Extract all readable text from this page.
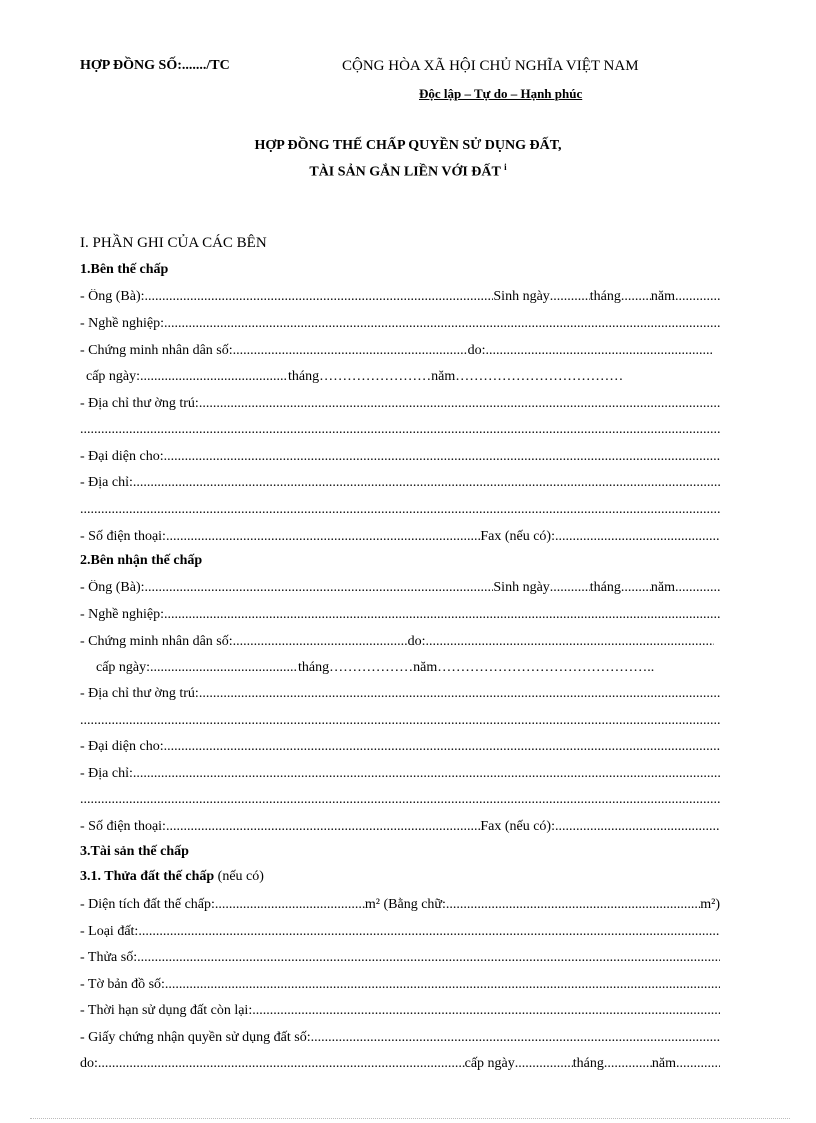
HỢP ĐỒNG SỐ:......./TC	CỘNG HÒA XÃ HỘI CHỦ NGHĨA VIỆT NAM
Độc lập – Tự do – Hạnh phúc
HỢP ĐỒNG THẾ CHẤP QUYỀN SỬ DỤNG ĐẤT,
TÀI SẢN GẮN LIỀN VỚI ĐẤT $^i$
I. PHẦN GHI CỦA CÁC BÊN
1.Bên thế chấp
- Ông (Bà): .....	Sinh ngày .....	tháng ..... năm
.....
- Nghề nghiệp:
.....
- Chứng minh nhân dân số: .....	do:
.....
cấp ngày: .....	tháng…………………… năm………………………………
- Địa chỉ thư ờng trú:
.....
.....
- Đại diện cho:
.....
- Địa chỉ:
.....
.....
- Số điện thoại: .....	Fax (nếu có):
.....
2.Bên nhận thế chấp
- Ông (Bà): .....	Sinh ngày .....	tháng ..... năm
.....
- Nghề nghiệp:
.....
- Chứng minh nhân dân số: .....	do:
.....
cấp ngày: .....	tháng……………… năm………………………………………..
- Địa chỉ thư ờng trú:
.....
.....
- Đại diện cho:
.....
- Địa chỉ:
.....
.....
- Số điện thoại: .....	Fax (nếu có):
.....
3.Tài sản thế chấp
3.1. Thửa đất thế chấp (nếu có)
- Diện tích đất thế chấp: .....	m² (Bằng chữ: .....	m²)
- Loại đất:
.....
- Thửa số:
.....
- Tờ bản đồ số:
.....
- Thời hạn sử dụng đất còn lại:
.....
- Giấy chứng nhận quyền sử dụng đất số:
.....
do: .....	cấp ngày .....	tháng .....	năm
.....
